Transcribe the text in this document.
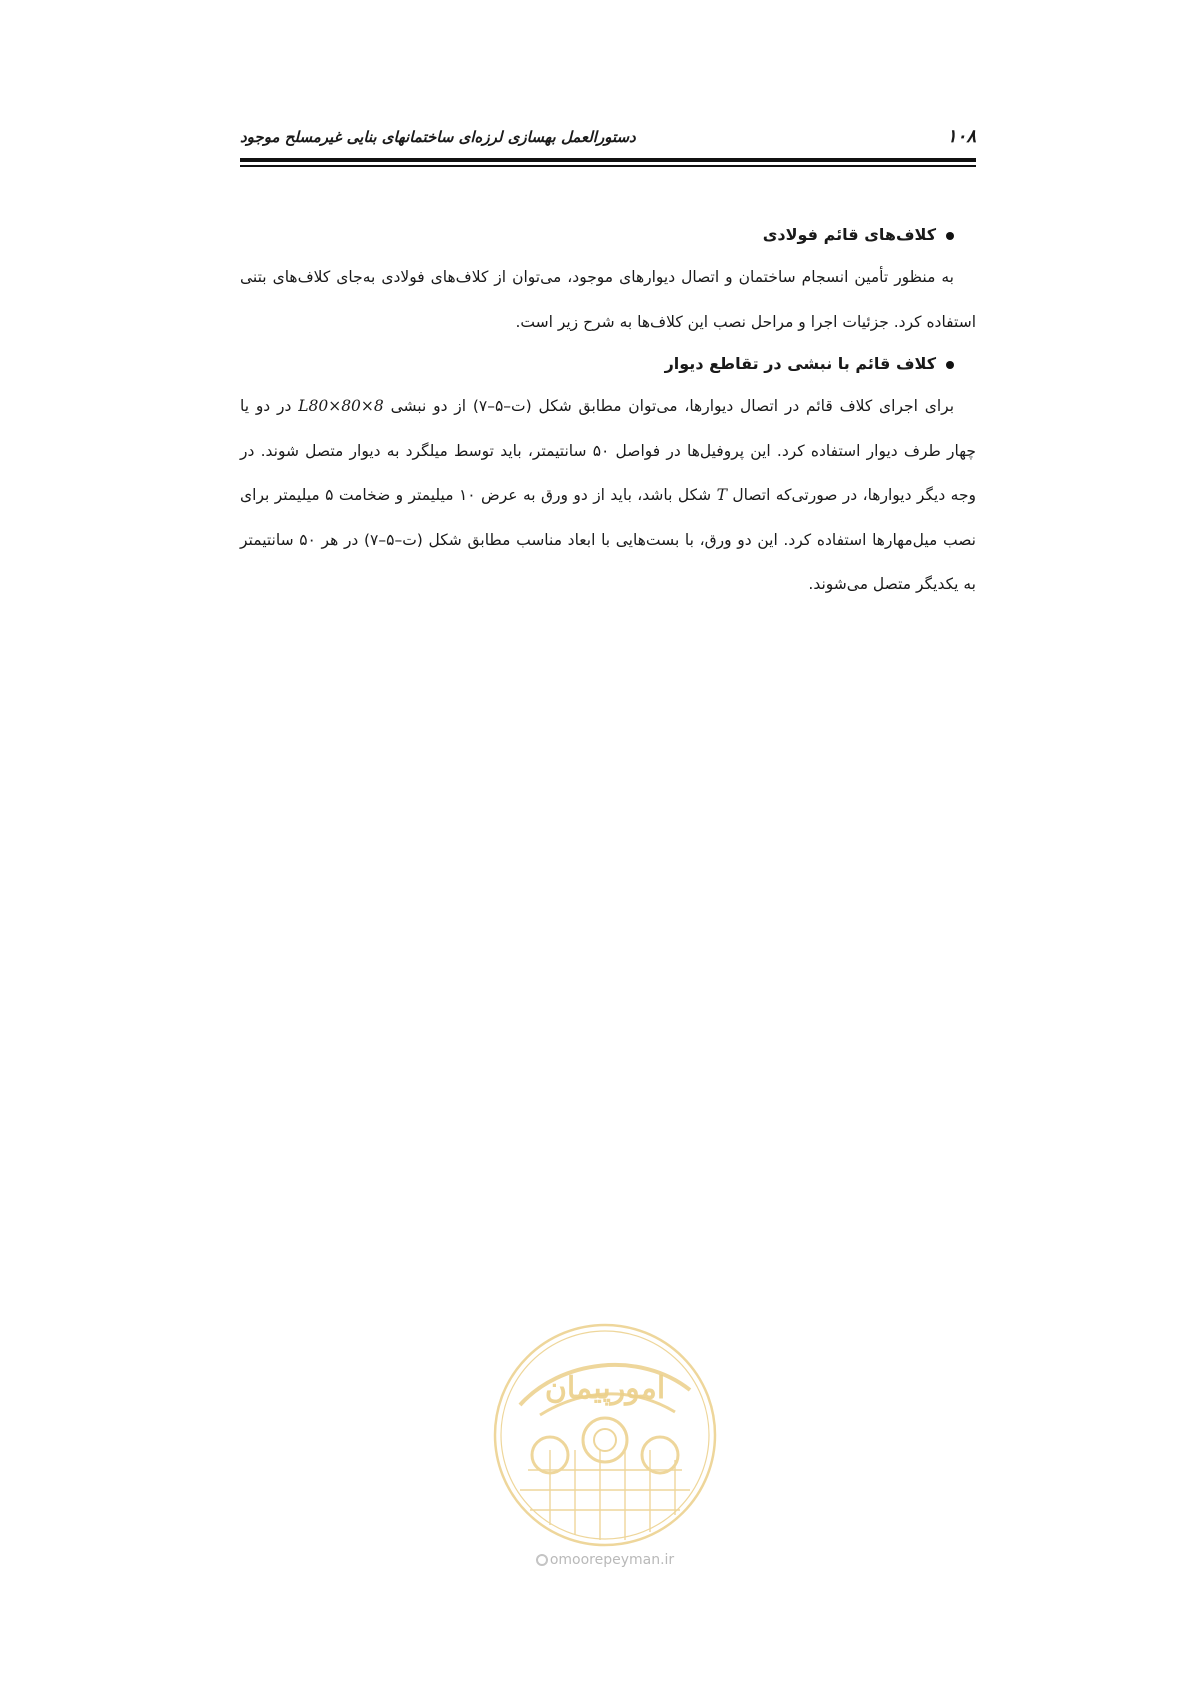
۱۰۸
دستورالعمل بهسازی لرزه‌ای ساختمانهای بنایی غیرمسلح موجود

کلاف‌های قائم فولادی

به منظور تأمین انسجام ساختمان و اتصال دیوارهای موجود، می‌توان از کلاف‌های فولادی به‌جای کلاف‌های بتنی استفاده کرد. جزئیات اجرا و مراحل نصب این کلاف‌ها به شرح زیر است.

کلاف قائم با نبشی در تقاطع دیوار

برای اجرای کلاف قائم در اتصال دیوارها، می‌توان مطابق شکل (ت–۵–۷) از دو نبشی L80×80×8 در دو یا چهار طرف دیوار استفاده کرد. این پروفیل‌ها در فواصل ۵۰ سانتیمتر، باید توسط میلگرد به دیوار متصل شوند. در وجه دیگر دیوارها، در صورتی‌که اتصال T شکل باشد، باید از دو ورق به عرض ۱۰ میلیمتر و ضخامت ۵ میلیمتر برای نصب میل‌مهارها استفاده کرد. این دو ورق، با بست‌هایی با ابعاد مناسب مطابق شکل (ت–۵–۷) در هر ۵۰ سانتیمتر به یکدیگر متصل می‌شوند.

امورپیمان
omoorepeyman.ir
